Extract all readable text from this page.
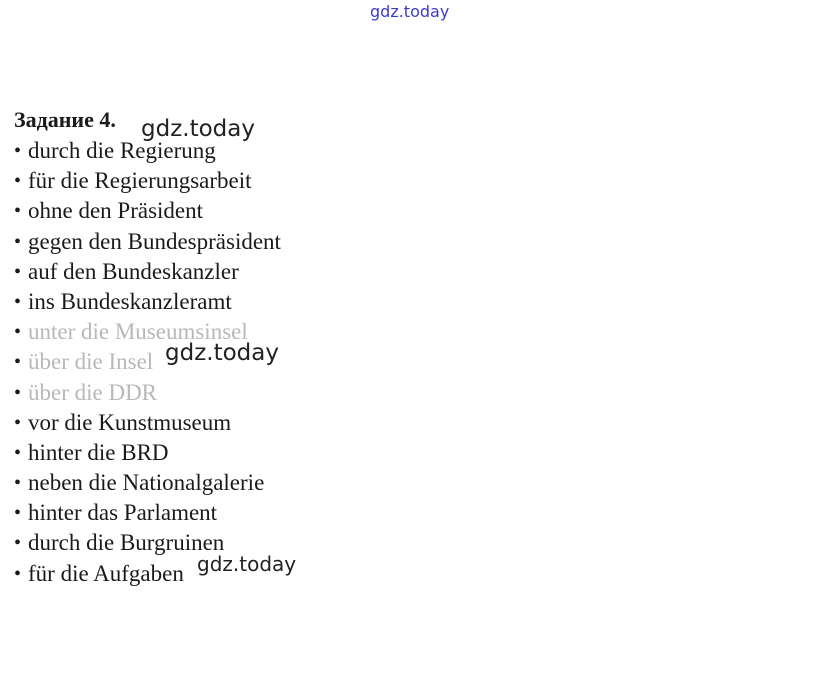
gdz.today
Задание 4.
• durch die Regierung
• für die Regierungsarbeit
• ohne den Präsident
• gegen den Bundespräsident
• auf den Bundeskanzler
• ins Bundeskanzleramt
• unter die Museumsinsel
• über die Insel
• über die DDR
• vor die Kunstmuseum
• hinter die BRD
• neben die Nationalgalerie
• hinter das Parlament
• durch die Burgruinen
• für die Aufgaben
gdz.today
gdz.today
gdz.today
